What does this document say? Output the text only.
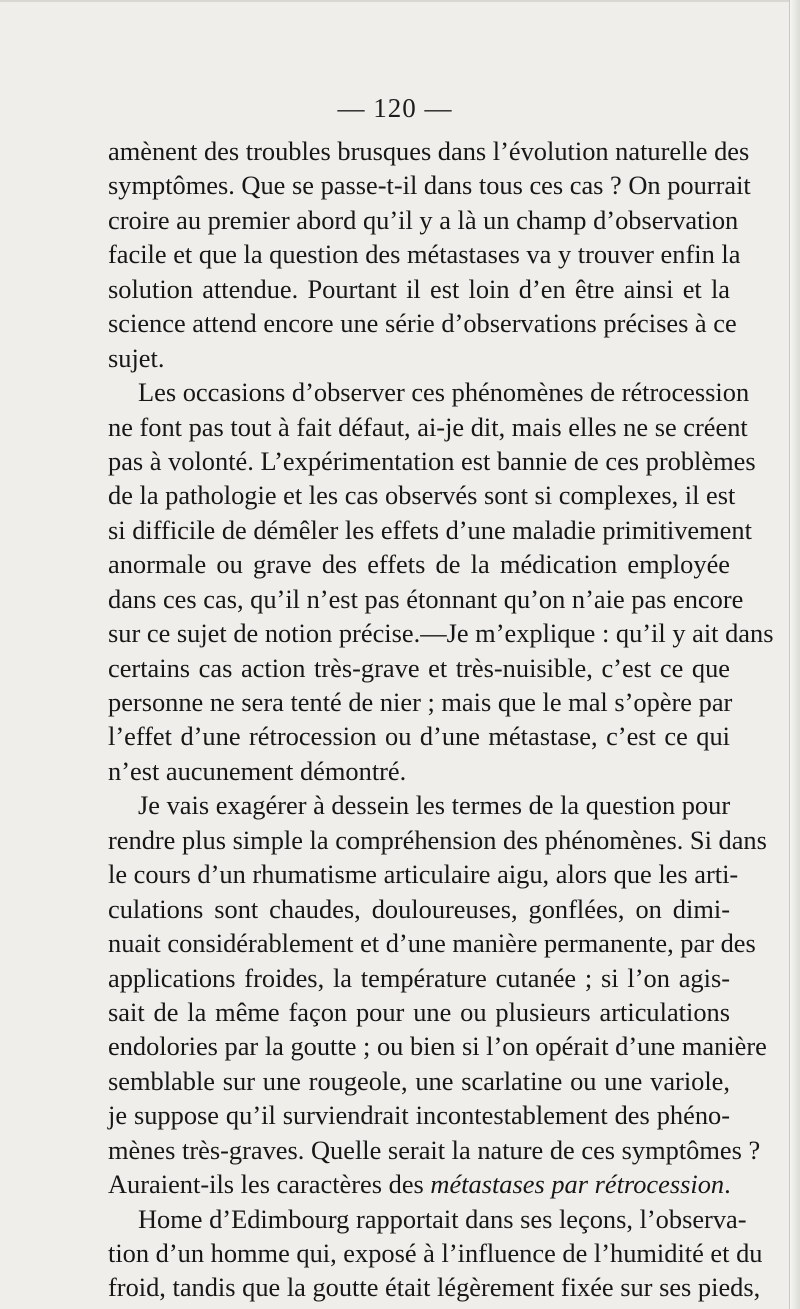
— 120 —
amènent des troubles brusques dans l’évolution naturelle des
symptômes. Que se passe-t-il dans tous ces cas ? On pourrait
croire au premier abord qu’il y a là un champ d’observation
facile et que la question des métastases va y trouver enfin la
solution attendue. Pourtant il est loin d’en être ainsi et la
science attend encore une série d’observations précises à ce
sujet.
Les occasions d’observer ces phénomènes de rétrocession
ne font pas tout à fait défaut, ai-je dit, mais elles ne se créent
pas à volonté. L’expérimentation est bannie de ces problèmes
de la pathologie et les cas observés sont si complexes, il est
si difficile de démêler les effets d’une maladie primitivement
anormale ou grave des effets de la médication employée
dans ces cas, qu’il n’est pas étonnant qu’on n’aie pas encore
sur ce sujet de notion précise.—Je m’explique : qu’il y ait dans
certains cas action très-grave et très-nuisible, c’est ce que
personne ne sera tenté de nier ; mais que le mal s’opère par
l’effet d’une rétrocession ou d’une métastase, c’est ce qui
n’est aucunement démontré.
Je vais exagérer à dessein les termes de la question pour
rendre plus simple la compréhension des phénomènes. Si dans
le cours d’un rhumatisme articulaire aigu, alors que les arti-
culations sont chaudes, douloureuses, gonflées, on dimi-
nuait considérablement et d’une manière permanente, par des
applications froides, la température cutanée ; si l’on agis-
sait de la même façon pour une ou plusieurs articulations
endolories par la goutte ; ou bien si l’on opérait d’une manière
semblable sur une rougeole, une scarlatine ou une variole,
je suppose qu’il surviendrait incontestablement des phéno-
mènes très-graves. Quelle serait la nature de ces symptômes ?
Auraient-ils les caractères des métastases par rétrocession.
Home d’Edimbourg rapportait dans ses leçons, l’observa-
tion d’un homme qui, exposé à l’influence de l’humidité et du
froid, tandis que la goutte était légèrement fixée sur ses pieds,
